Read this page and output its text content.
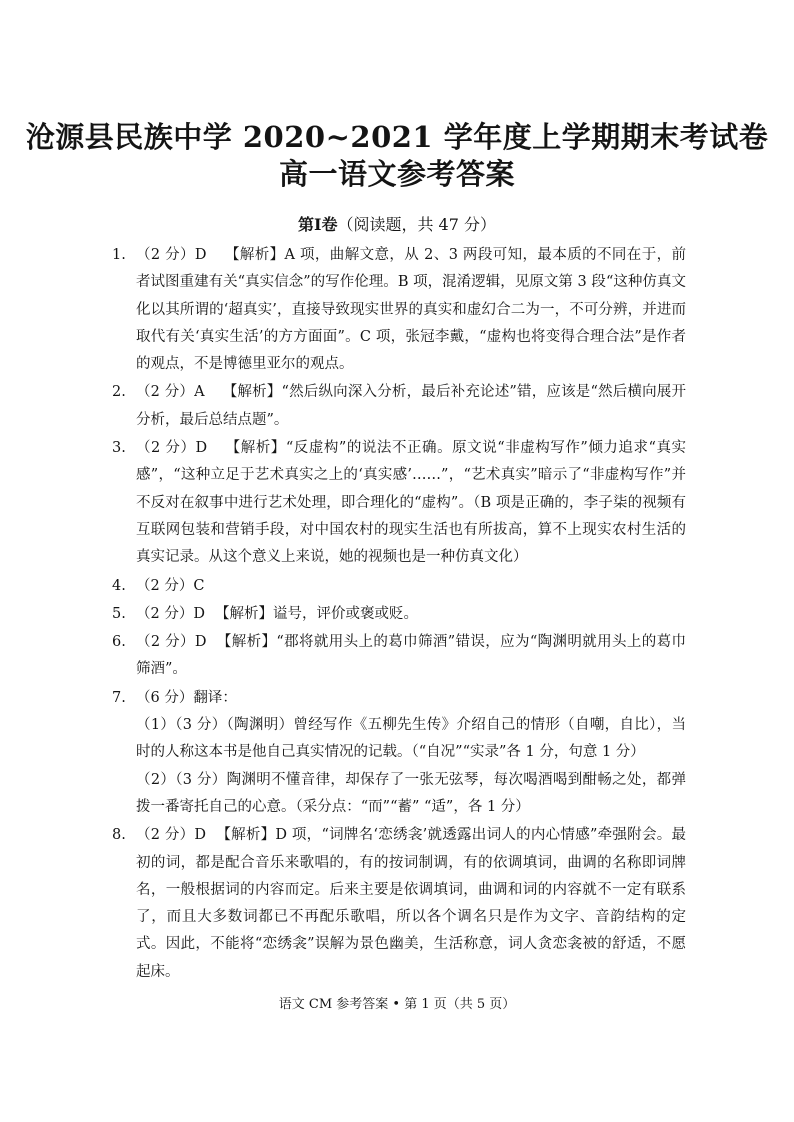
沧源县民族中学 2020~2021 学年度上学期期末考试卷
高一语文参考答案
第Ⅰ卷（阅读题，共 47 分）
1. （2 分）D 【解析】A 项，曲解文意，从 2、3 两段可知，最本质的不同在于，前者试图重建有关“真实信念”的写作伦理。B 项，混淆逻辑，见原文第 3 段“这种仿真文化以其所谓的‘超真实’，直接导致现实世界的真实和虚幻合二为一，不可分辨，并进而取代有关‘真实生活’的方方面面”。C 项，张冠李戴，“虚构也将变得合理合法”是作者的观点，不是博德里亚尔的观点。
2. （2 分）A 【解析】“然后纵向深入分析，最后补充论述”错，应该是“然后横向展开分析，最后总结点题”。
3. （2 分）D 【解析】“反虚构”的说法不正确。原文说“非虚构写作”倾力追求“真实感”，“这种立足于艺术真实之上的‘真实感’……”，“艺术真实”暗示了“非虚构写作”并不反对在叙事中进行艺术处理，即合理化的“虚构”。（B 项是正确的，李子柒的视频有互联网包装和营销手段，对中国农村的现实生活也有所拔高，算不上现实农村生活的真实记录。从这个意义上来说，她的视频也是一种仿真文化）
4. （2 分）C
5. （2 分）D 【解析】谥号，评价或褒或贬。
6. （2 分）D 【解析】“郡将就用头上的葛巾筛酒”错误，应为“陶渊明就用头上的葛巾筛酒”。
7. （6 分）翻译：
（1）（3 分）（陶渊明）曾经写作《五柳先生传》介绍自己的情形（自嘲，自比），当时的人称这本书是他自己真实情况的记载。（“自况”“实录”各 1 分，句意 1 分）
（2）（3 分）陶渊明不懂音律，却保存了一张无弦琴，每次喝酒喝到酣畅之处，都弹拨一番寄托自己的心意。（采分点：“而”“蓄” “适”，各 1 分）
8. （2 分）D 【解析】D 项，“词牌名‘恋绣衾’就透露出词人的内心情感”牵强附会。最初的词，都是配合音乐来歌唱的，有的按词制调，有的依调填词，曲调的名称即词牌名，一般根据词的内容而定。后来主要是依调填词，曲调和词的内容就不一定有联系了，而且大多数词都已不再配乐歌唱，所以各个调名只是作为文字、音韵结构的定式。因此，不能将“恋绣衾”误解为景色幽美，生活称意，词人贪恋衾被的舒适，不愿起床。
语文 CM 参考答案 • 第 1 页（共 5 页）
